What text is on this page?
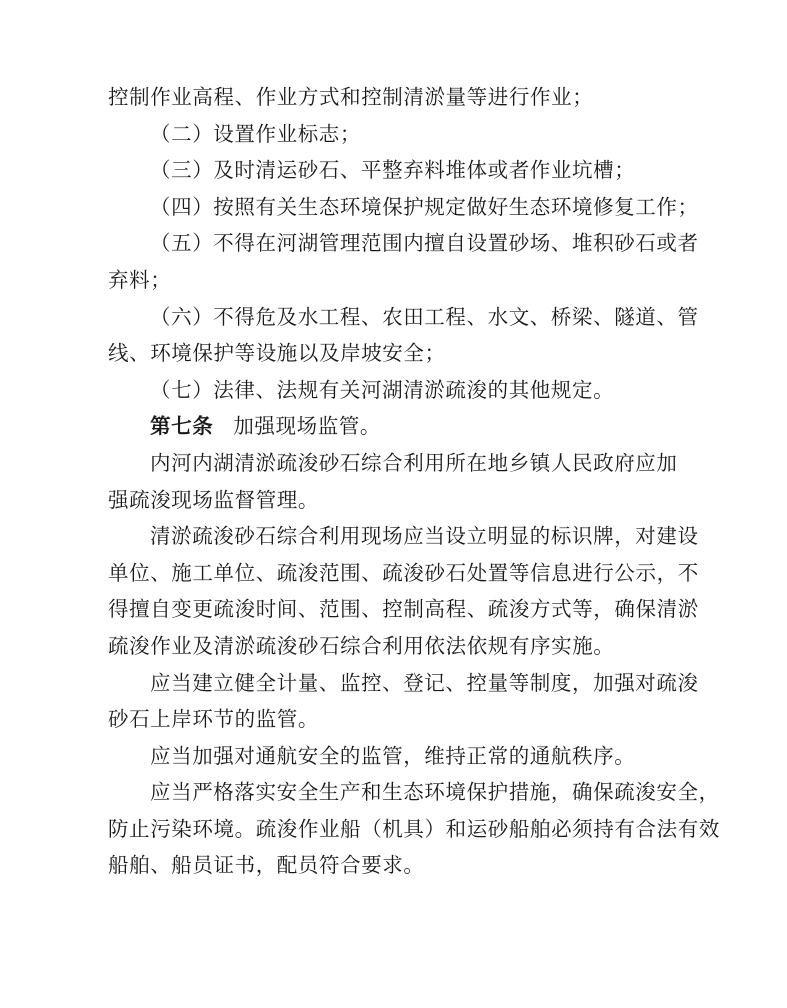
控制作业高程、作业方式和控制清淤量等进行作业；
（二）设置作业标志；
（三）及时清运砂石、平整弃料堆体或者作业坑槽；
（四）按照有关生态环境保护规定做好生态环境修复工作；
（五）不得在河湖管理范围内擅自设置砂场、堆积砂石或者
弃料；
（六）不得危及水工程、农田工程、水文、桥梁、隧道、管
线、环境保护等设施以及岸坡安全；
（七）法律、法规有关河湖清淤疏浚的其他规定。
第七条 加强现场监管。
内河内湖清淤疏浚砂石综合利用所在地乡镇人民政府应加
强疏浚现场监督管理。
清淤疏浚砂石综合利用现场应当设立明显的标识牌，对建设
单位、施工单位、疏浚范围、疏浚砂石处置等信息进行公示，不
得擅自变更疏浚时间、范围、控制高程、疏浚方式等，确保清淤
疏浚作业及清淤疏浚砂石综合利用依法依规有序实施。
应当建立健全计量、监控、登记、控量等制度，加强对疏浚
砂石上岸环节的监管。
应当加强对通航安全的监管，维持正常的通航秩序。
应当严格落实安全生产和生态环境保护措施，确保疏浚安全，
防止污染环境。疏浚作业船（机具）和运砂船舶必须持有合法有效
船舶、船员证书，配员符合要求。
